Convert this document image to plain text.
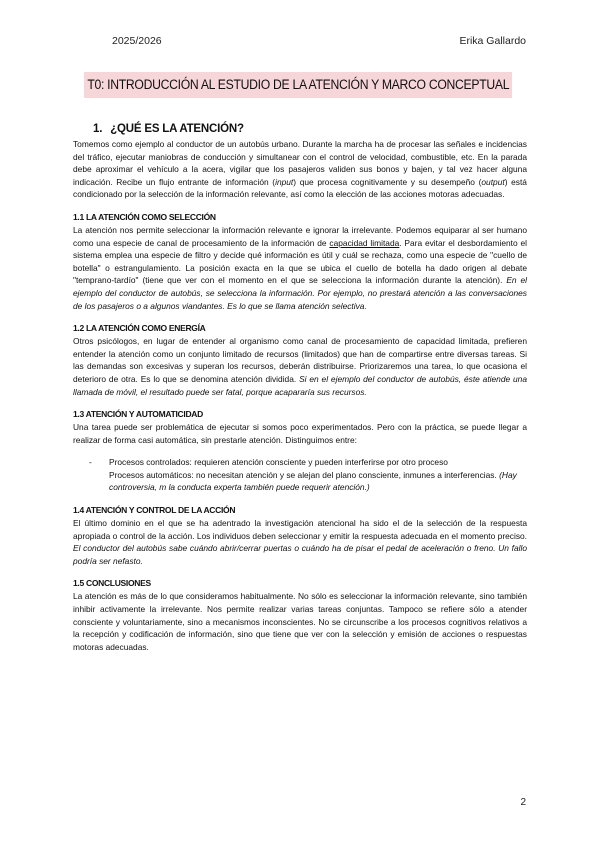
2025/2026	Erika Gallardo
T0: INTRODUCCIÓN AL ESTUDIO DE LA ATENCIÓN Y MARCO CONCEPTUAL
1. ¿QUÉ ES LA ATENCIÓN?

Tomemos como ejemplo al conductor de un autobús urbano. Durante la marcha ha de procesar las señales e incidencias del tráfico, ejecutar maniobras de conducción y simultanear con el control de velocidad, combustible, etc. En la parada debe aproximar el vehículo a la acera, vigilar que los pasajeros validen sus bonos y bajen, y tal vez hacer alguna indicación. Recibe un flujo entrante de información (input) que procesa cognitivamente y su desempeño (output) está condicionado por la selección de la información relevante, así como la elección de las acciones motoras adecuadas.

1.1 LA ATENCIÓN COMO SELECCIÓN

La atención nos permite seleccionar la información relevante e ignorar la irrelevante. Podemos equiparar al ser humano como una especie de canal de procesamiento de la información de capacidad limitada. Para evitar el desbordamiento el sistema emplea una especie de filtro y decide qué información es útil y cuál se rechaza, como una especie de "cuello de botella" o estrangulamiento. La posición exacta en la que se ubica el cuello de botella ha dado origen al debate "temprano-tardío" (tiene que ver con el momento en el que se selecciona la información durante la atención). En el ejemplo del conductor de autobús, se selecciona la información. Por ejemplo, no prestará atención a las conversaciones de los pasajeros o a algunos viandantes. Es lo que se llama atención selectiva.

1.2 LA ATENCIÓN COMO ENERGÍA

Otros psicólogos, en lugar de entender al organismo como canal de procesamiento de capacidad limitada, prefieren entender la atención como un conjunto limitado de recursos (limitados) que han de compartirse entre diversas tareas. Si las demandas son excesivas y superan los recursos, deberán distribuirse. Priorizaremos una tarea, lo que ocasiona el deterioro de otra. Es lo que se denomina atención dividida. Si en el ejemplo del conductor de autobús, éste atiende una llamada de móvil, el resultado puede ser fatal, porque acapararía sus recursos.

1.3 ATENCIÓN Y AUTOMATICIDAD

Una tarea puede ser problemática de ejecutar si somos poco experimentados. Pero con la práctica, se puede llegar a realizar de forma casi automática, sin prestarle atención. Distinguimos entre:

-	Procesos controlados: requieren atención consciente y pueden interferirse por otro proceso
Procesos automáticos: no necesitan atención y se alejan del plano consciente, inmunes a interferencias. (Hay controversia, m la conducta experta también puede requerir atención.)
1.4 ATENCIÓN Y CONTROL DE LA ACCIÓN

El último dominio en el que se ha adentrado la investigación atencional ha sido el de la selección de la respuesta apropiada o control de la acción. Los individuos deben seleccionar y emitir la respuesta adecuada en el momento preciso. El conductor del autobús sabe cuándo abrir/cerrar puertas o cuándo ha de pisar el pedal de aceleración o freno. Un fallo podría ser nefasto.

1.5 CONCLUSIONES

La atención es más de lo que consideramos habitualmente. No sólo es seleccionar la información relevante, sino también inhibir activamente la irrelevante. Nos permite realizar varias tareas conjuntas. Tampoco se refiere sólo a atender consciente y voluntariamente, sino a mecanismos inconscientes. No se circunscribe a los procesos cognitivos relativos a la recepción y codificación de información, sino que tiene que ver con la selección y emisión de acciones o respuestas motoras adecuadas.

2
